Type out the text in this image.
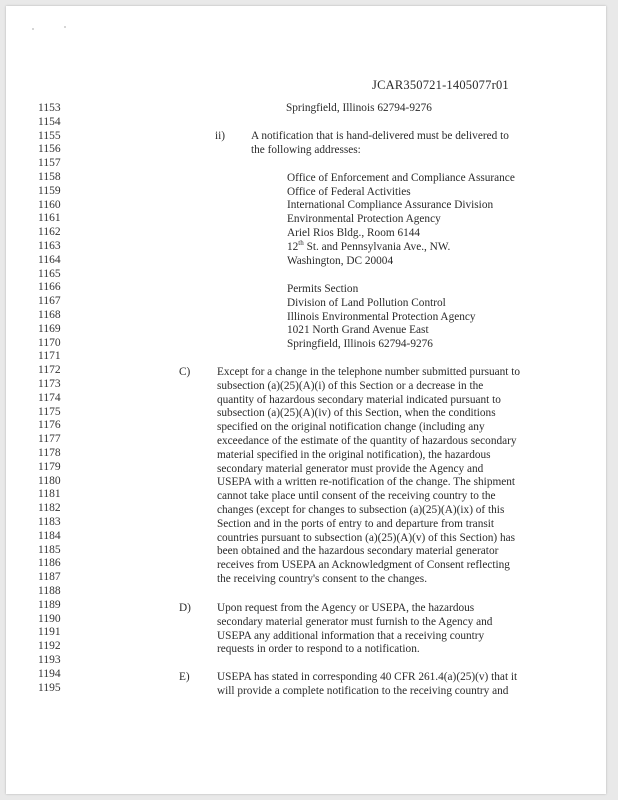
JCAR350721-1405077r01
1153
1154
1155
1156
1157
1158
1159
1160
1161
1162
1163
1164
1165
1166
1167
1168
1169
1170
1171
1172
1173
1174
1175
1176
1177
1178
1179
1180
1181
1182
1183
1184
1185
1186
1187
1188
1189
1190
1191
1192
1193
1194
1195
Springfield, Illinois 62794-9276
ii) A notification that is hand-delivered must be delivered to
the following addresses:
Office of Enforcement and Compliance Assurance
Office of Federal Activities
International Compliance Assurance Division
Environmental Protection Agency
Ariel Rios Bldg., Room 6144
12th St. and Pennsylvania Ave., NW.
Washington, DC 20004
Permits Section
Division of Land Pollution Control
Illinois Environmental Protection Agency
1021 North Grand Avenue East
Springfield, Illinois 62794-9276
C) Except for a change in the telephone number submitted pursuant to
subsection (a)(25)(A)(i) of this Section or a decrease in the
quantity of hazardous secondary material indicated pursuant to
subsection (a)(25)(A)(iv) of this Section, when the conditions
specified on the original notification change (including any
exceedance of the estimate of the quantity of hazardous secondary
material specified in the original notification), the hazardous
secondary material generator must provide the Agency and
USEPA with a written re-notification of the change. The shipment
cannot take place until consent of the receiving country to the
changes (except for changes to subsection (a)(25)(A)(ix) of this
Section and in the ports of entry to and departure from transit
countries pursuant to subsection (a)(25)(A)(v) of this Section) has
been obtained and the hazardous secondary material generator
receives from USEPA an Acknowledgment of Consent reflecting
the receiving country's consent to the changes.
D) Upon request from the Agency or USEPA, the hazardous
secondary material generator must furnish to the Agency and
USEPA any additional information that a receiving country
requests in order to respond to a notification.
E) USEPA has stated in corresponding 40 CFR 261.4(a)(25)(v) that it
will provide a complete notification to the receiving country and
